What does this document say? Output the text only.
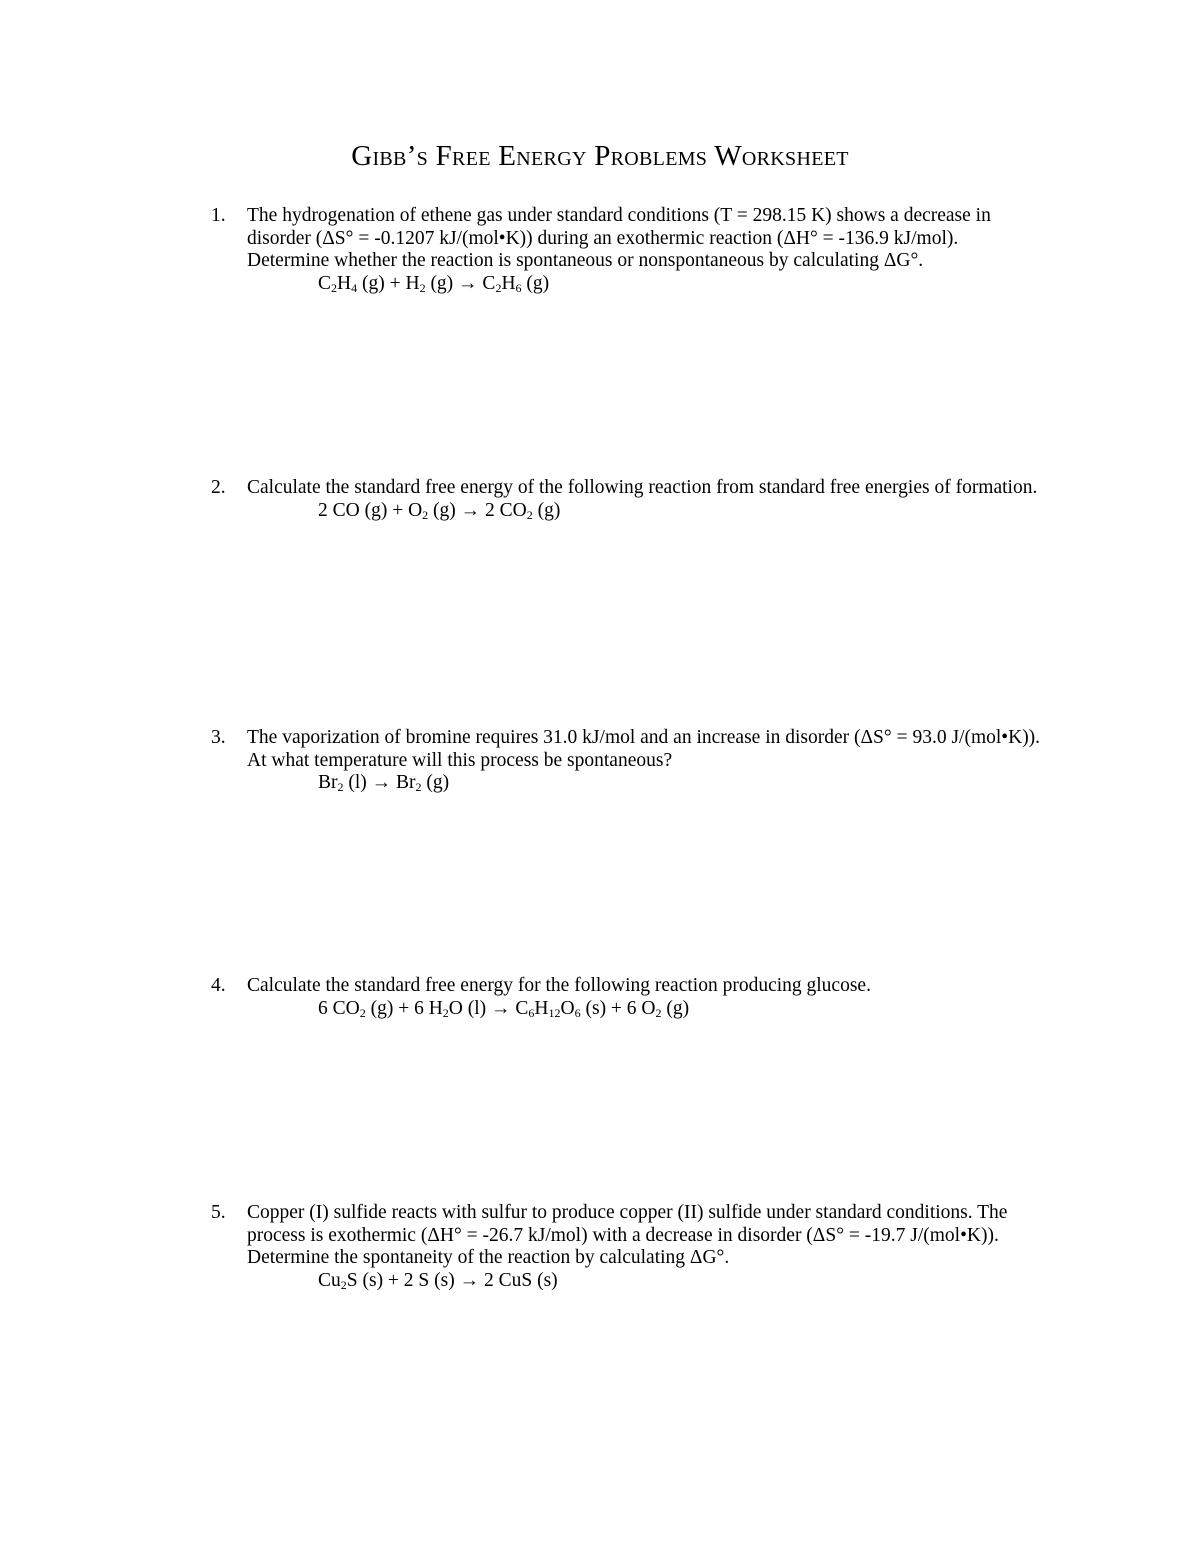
Gibb’s Free Energy Problems Worksheet
1. The hydrogenation of ethene gas under standard conditions (T = 298.15 K) shows a decrease in disorder (ΔS° = -0.1207 kJ/(mol•K)) during an exothermic reaction (ΔH° = -136.9 kJ/mol). Determine whether the reaction is spontaneous or nonspontaneous by calculating ΔG°.
$C_2H_4$ $(g) + H_2$ $(g) \to C_2H_6$ (g)
2. Calculate the standard free energy of the following reaction from standard free energies of formation.
2 CO $(g) + O_2$ (g) → 2 $CO_2$ (g)
3. The vaporization of bromine requires 31.0 kJ/mol and an increase in disorder (ΔS° = 93.0 J/(mol•K)). At what temperature will this process be spontaneous?
$Br_2$ $(l) \to Br_2$ (g)
4. Calculate the standard free energy for the following reaction producing glucose.
6 $CO_2$ (g) + 6 $H_2O$ $(l) \to C_6H_{12}O_6$ (s) + 6 $O_2$ (g)
5. Copper (I) sulfide reacts with sulfur to produce copper (II) sulfide under standard conditions. The process is exothermic (ΔH° = -26.7 kJ/mol) with a decrease in disorder (ΔS° = -19.7 J/(mol•K)). Determine the spontaneity of the reaction by calculating ΔG°.
$Cu_2S$ (s) + 2 S (s) → 2 CuS (s)
